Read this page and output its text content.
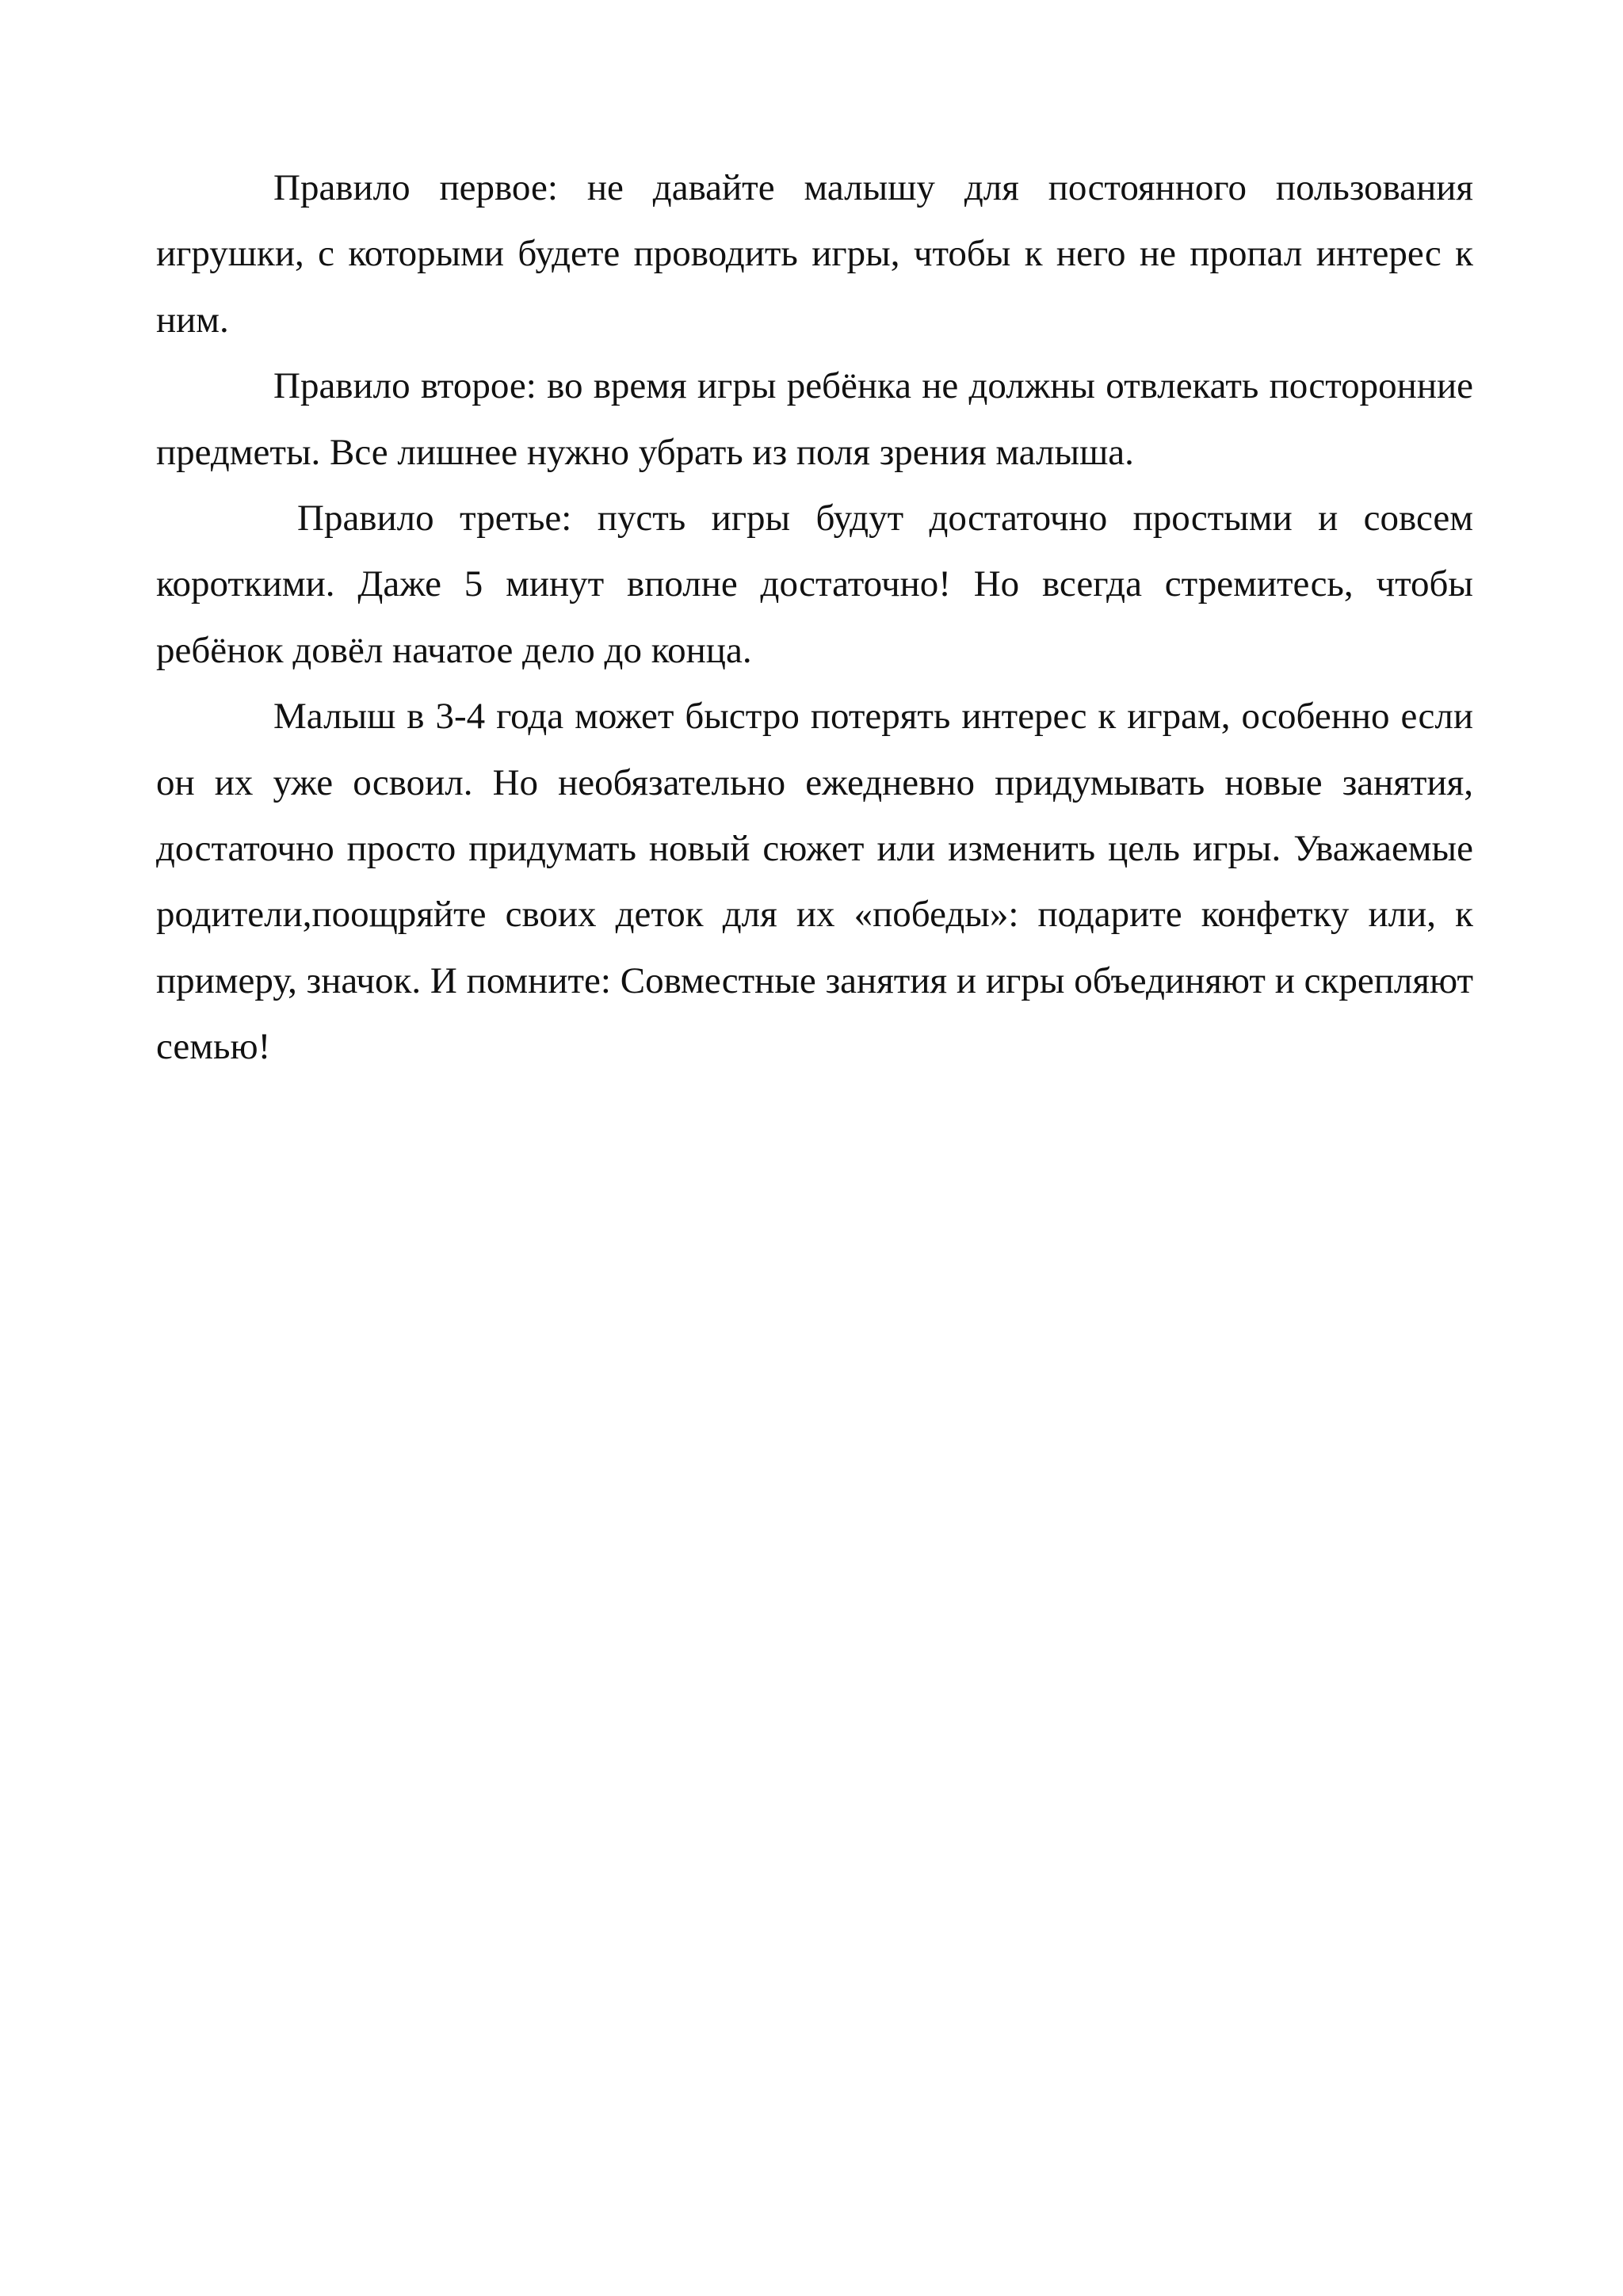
Правило первое: не давайте малышу для постоянного пользования игрушки, с которыми будете проводить игры, чтобы к него не пропал интерес к ним.

Правило второе: во время игры ребёнка не должны отвлекать посторонние предметы. Все лишнее нужно убрать из поля зрения малыша.

Правило третье: пусть игры будут достаточно простыми и совсем короткими. Даже 5 минут вполне достаточно! Но всегда стремитесь, чтобы ребёнок довёл начатое дело до конца.

Малыш в 3-4 года может быстро потерять интерес к играм, особенно если он их уже освоил. Но необязательно ежедневно придумывать новые занятия, достаточно просто придумать новый сюжет или изменить цель игры. Уважаемые родители,поощряйте своих деток для их «победы»: подарите конфетку или, к примеру, значок. И помните: Совместные занятия и игры объединяют и скрепляют семью!
